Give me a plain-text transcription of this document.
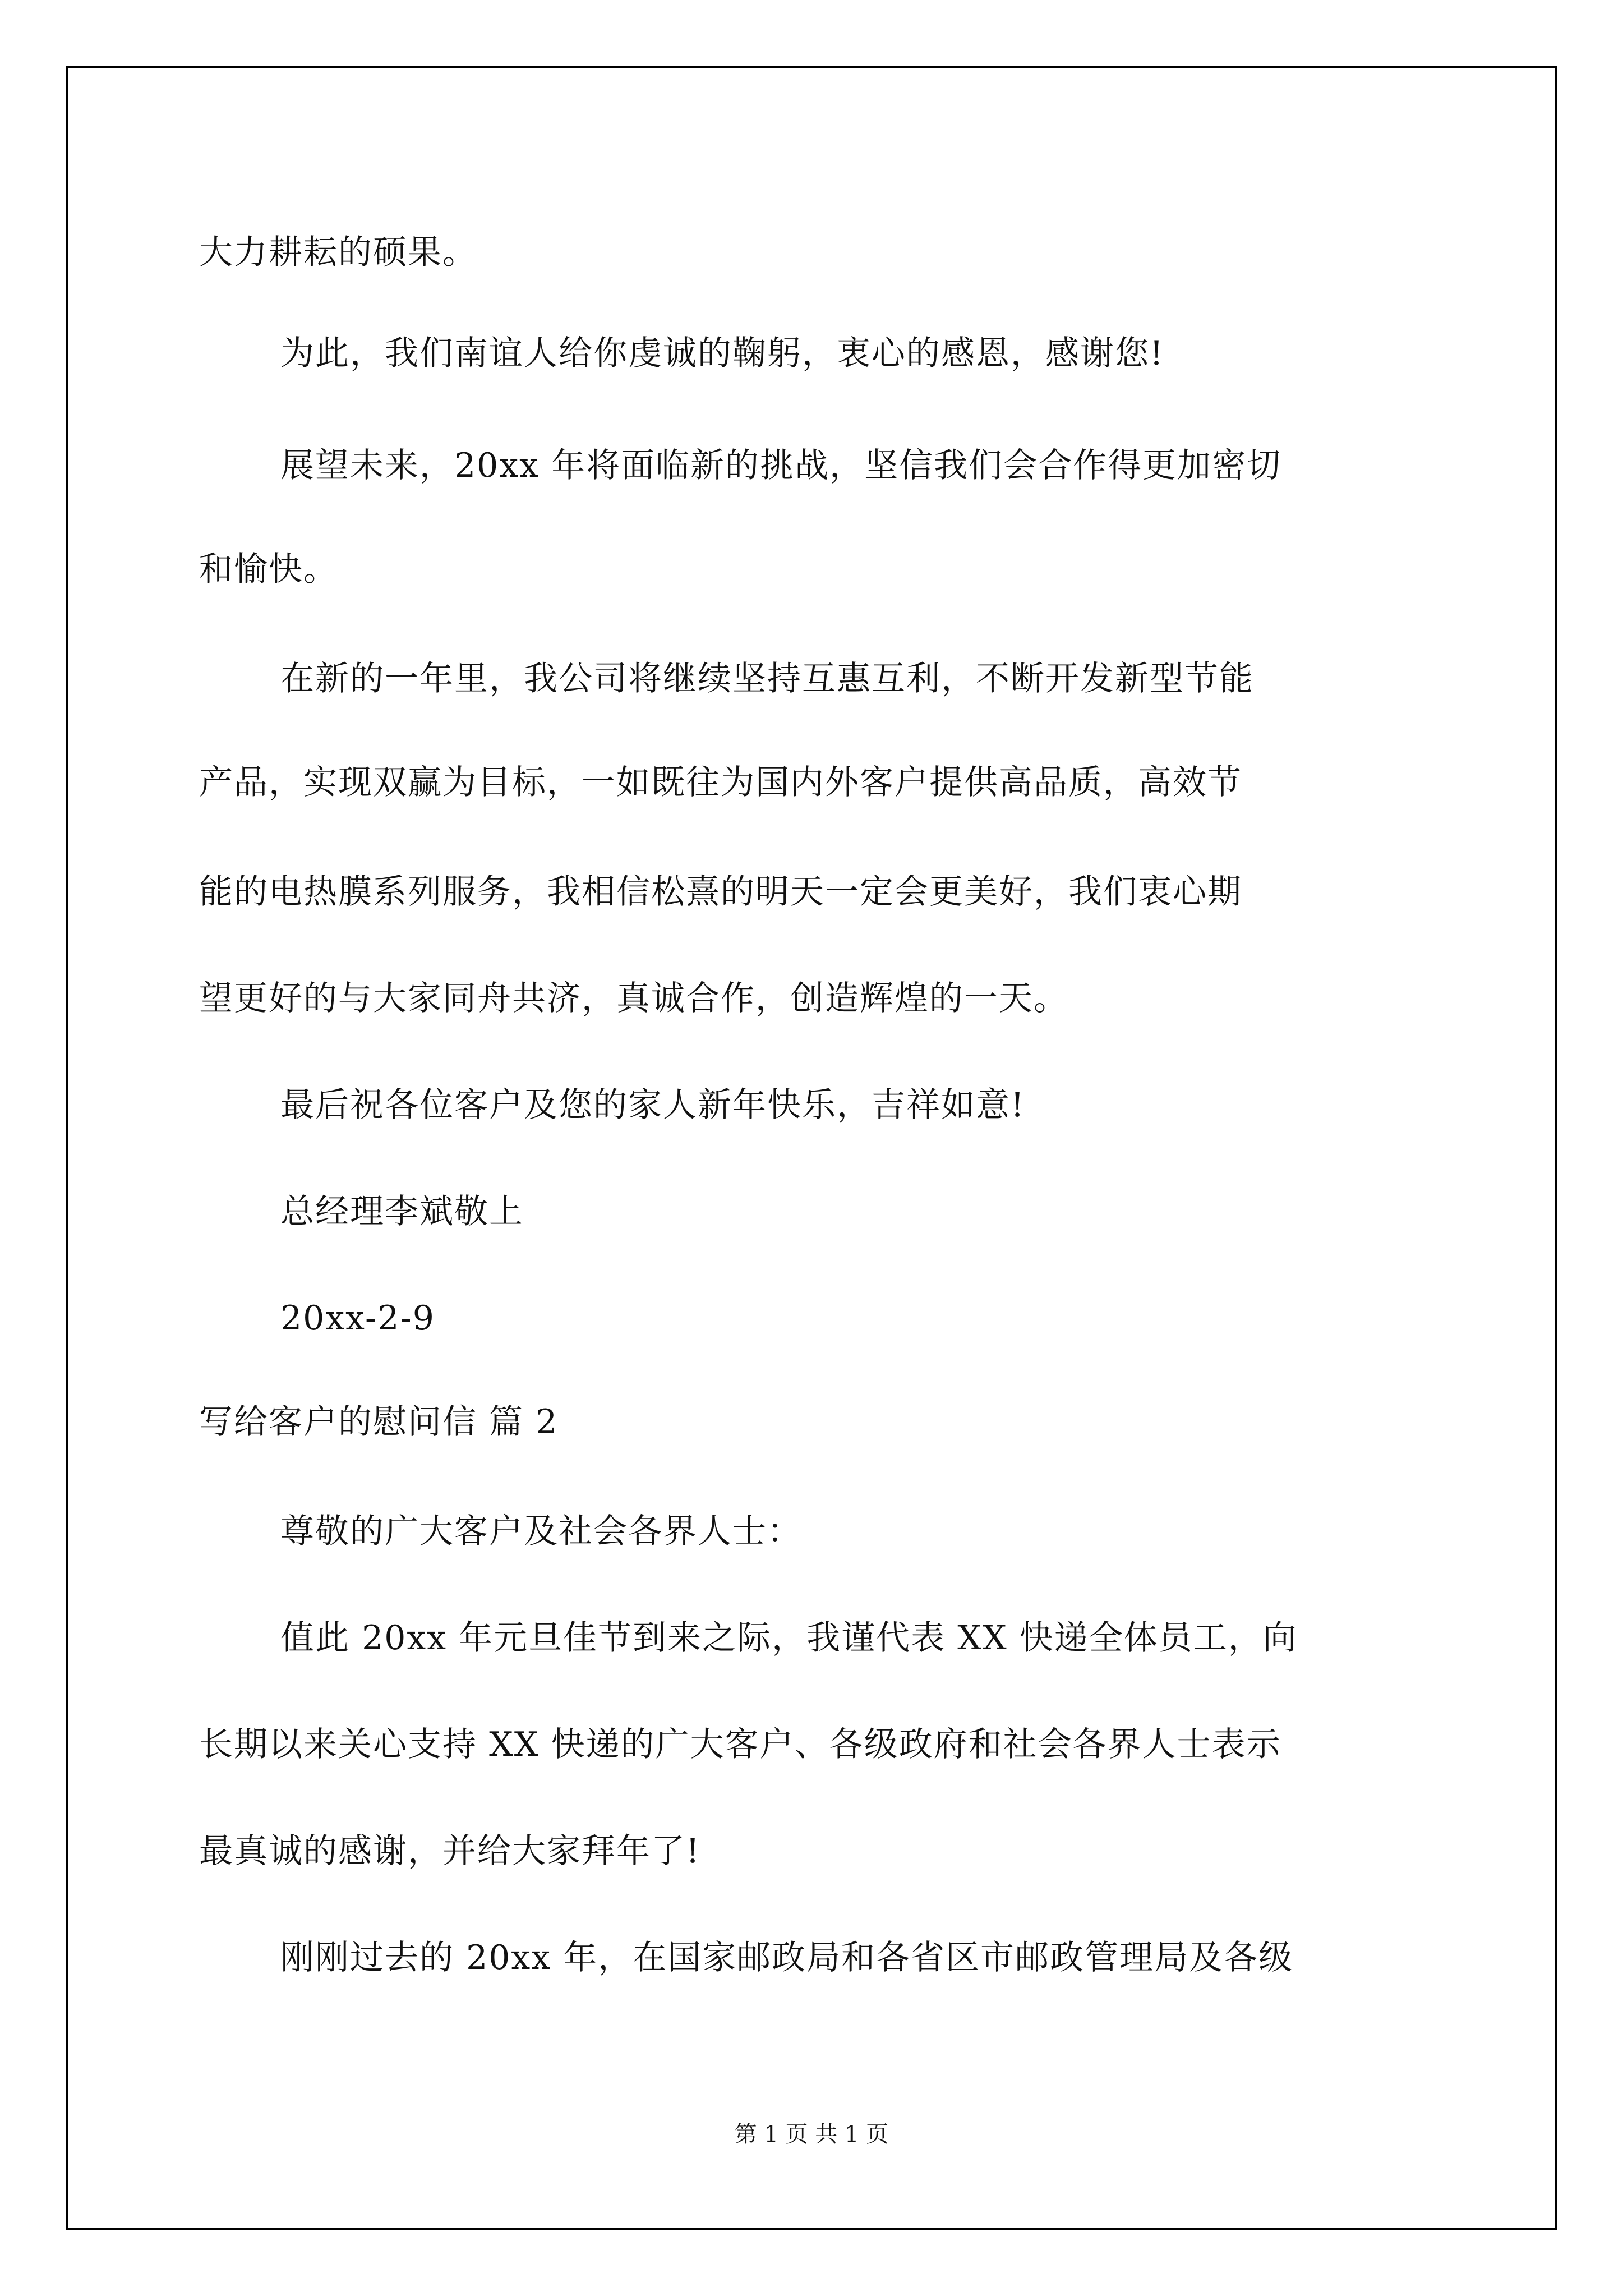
大力耕耘的硕果。
为此，我们南谊人给你虔诚的鞠躬，衷心的感恩，感谢您!
展望未来，20xx 年将面临新的挑战，坚信我们会合作得更加密切
和愉快。
在新的一年里，我公司将继续坚持互惠互利，不断开发新型节能
产品，实现双赢为目标，一如既往为国内外客户提供高品质，高效节
能的电热膜系列服务，我相信松熹的明天一定会更美好，我们衷心期
望更好的与大家同舟共济，真诚合作，创造辉煌的一天。
最后祝各位客户及您的家人新年快乐，吉祥如意!
总经理李斌敬上
20xx-2-9
写给客户的慰问信 篇 2
尊敬的广大客户及社会各界人士：
值此 20xx 年元旦佳节到来之际，我谨代表 XX 快递全体员工，向
长期以来关心支持 XX 快递的广大客户、各级政府和社会各界人士表示
最真诚的感谢，并给大家拜年了!
刚刚过去的 20xx 年，在国家邮政局和各省区市邮政管理局及各级
第 1 页 共 1 页
